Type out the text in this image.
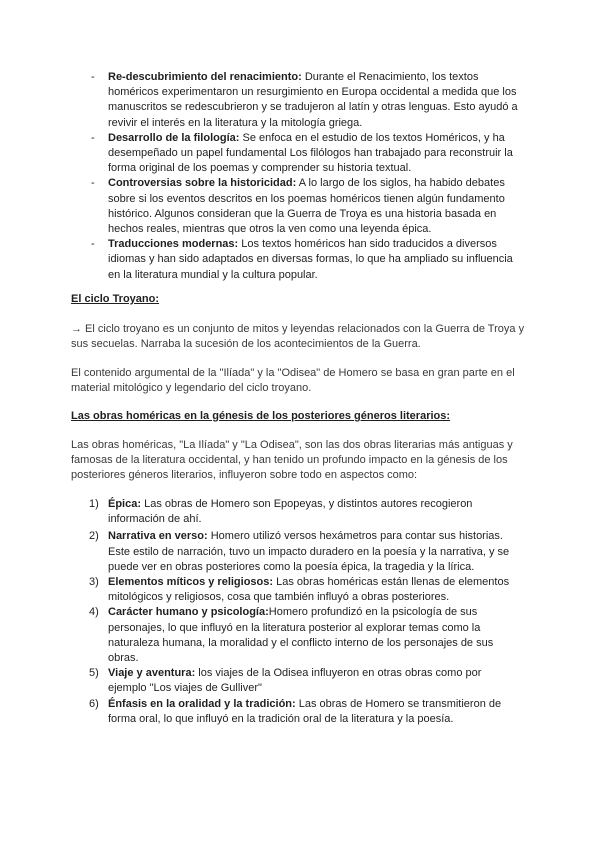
- Re-descubrimiento del renacimiento: Durante el Renacimiento, los textos homéricos experimentaron un resurgimiento en Europa occidental a medida que los manuscritos se redescubrieron y se tradujeron al latín y otras lenguas. Esto ayudó a revivir el interés en la literatura y la mitología griega.

- Desarrollo de la filología: Se enfoca en el estudio de los textos Homéricos, y ha desempeñado un papel fundamental Los filólogos han trabajado para reconstruir la forma original de los poemas y comprender su historia textual.

- Controversias sobre la historicidad: A lo largo de los siglos, ha habido debates sobre si los eventos descritos en los poemas homéricos tienen algún fundamento histórico. Algunos consideran que la Guerra de Troya es una historia basada en hechos reales, mientras que otros la ven como una leyenda épica.

- Traducciones modernas: Los textos homéricos han sido traducidos a diversos idiomas y han sido adaptados en diversas formas, lo que ha ampliado su influencia en la literatura mundial y la cultura popular.

El ciclo Troyano:

→ El ciclo troyano es un conjunto de mitos y leyendas relacionados con la Guerra de Troya y sus secuelas. Narraba la sucesión de los acontecimientos de la Guerra.

El contenido argumental de la "Ilíada" y la "Odisea" de Homero se basa en gran parte en el material mitológico y legendario del ciclo troyano.

Las obras homéricas en la génesis de los posteriores géneros literarios:

Las obras homéricas, "La Ilíada" y "La Odisea", son las dos obras literarias más antiguas y famosas de la literatura occidental, y han tenido un profundo impacto en la génesis de los posteriores géneros literarios, influyeron sobre todo en aspectos como:

1) Épica: Las obras de Homero son Epopeyas, y distintos autores recogieron información de ahí.

2) Narrativa en verso: Homero utilizó versos hexámetros para contar sus historias. Este estilo de narración, tuvo un impacto duradero en la poesía y la narrativa, y se puede ver en obras posteriores como la poesía épica, la tragedia y la lírica.

3) Elementos míticos y religiosos: Las obras homéricas están llenas de elementos mitológicos y religiosos, cosa que también influyó a obras posteriores.

4) Carácter humano y psicología:Homero profundizó en la psicología de sus personajes, lo que influyó en la literatura posterior al explorar temas como la naturaleza humana, la moralidad y el conflicto interno de los personajes de sus obras.

5) Viaje y aventura: los viajes de la Odisea influyeron en otras obras como por ejemplo "Los viajes de Gulliver"

6) Énfasis en la oralidad y la tradición: Las obras de Homero se transmitieron de forma oral, lo que influyó en la tradición oral de la literatura y la poesía.
